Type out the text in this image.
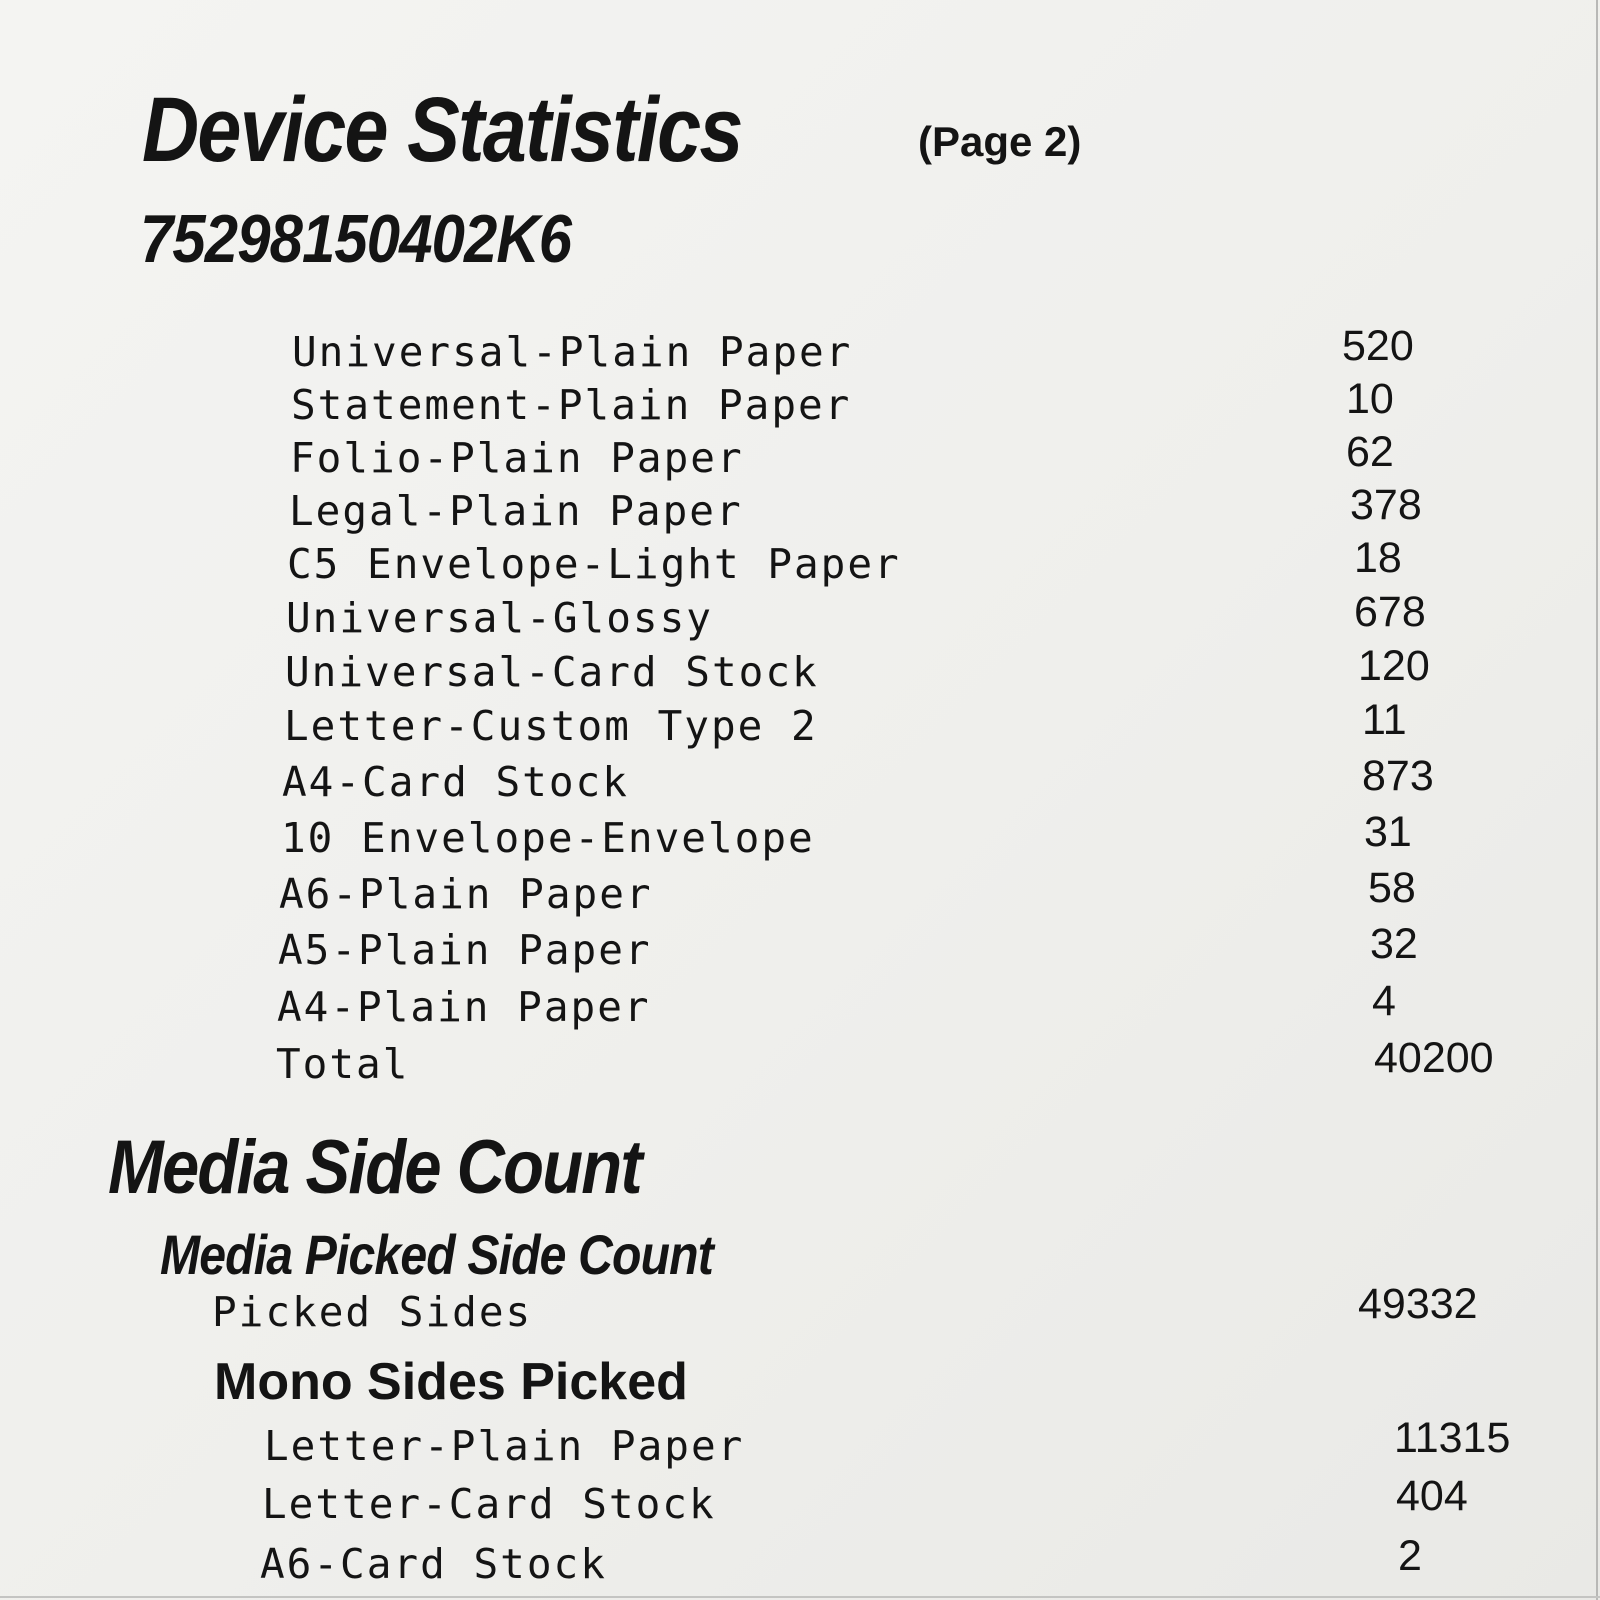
Device Statistics	(Page 2)
75298150402K6
Universal-Plain Paper	520
Statement-Plain Paper	10
Folio-Plain Paper	62
Legal-Plain Paper	378
C5 Envelope-Light Paper	18
Universal-Glossy	678
Universal-Card Stock	120
Letter-Custom Type 2	11
A4-Card Stock	873
10 Envelope-Envelope	31
A6-Plain Paper	58
A5-Plain Paper	32
A4-Plain Paper	4
Total	40200
Media Side Count
Media Picked Side Count
Picked Sides	49332
Mono Sides Picked
Letter-Plain Paper	11315
Letter-Card Stock	404
A6-Card Stock	2
